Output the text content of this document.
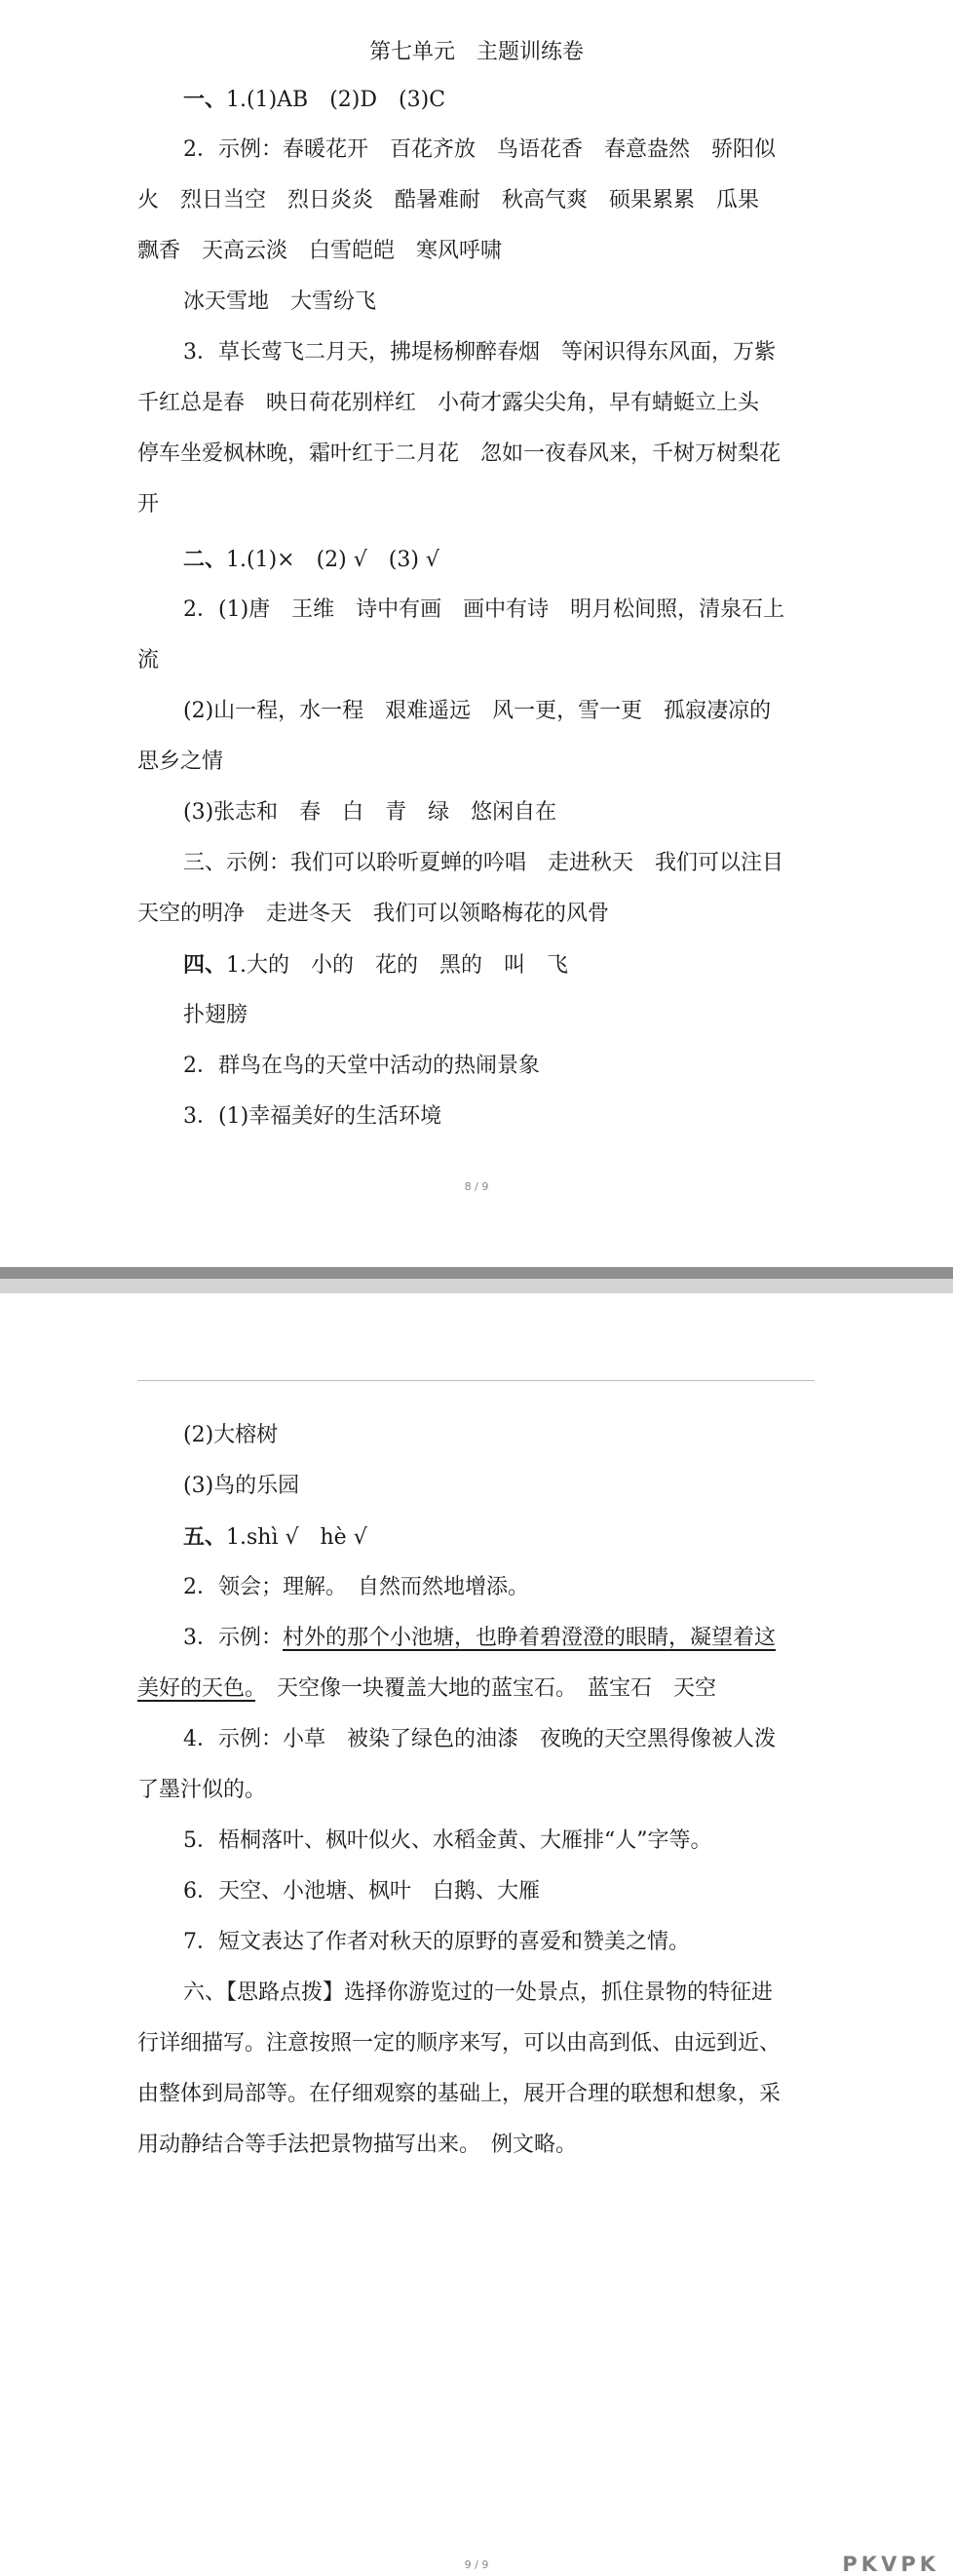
第七单元　主题训练卷

一、1.(1)AB　(2)D　(3)C

2．示例：春暖花开　百花齐放　鸟语花香　春意盎然　骄阳似

火　烈日当空　烈日炎炎　酷暑难耐　秋高气爽　硕果累累　瓜果

飘香　天高云淡　白雪皑皑　寒风呼啸

冰天雪地　大雪纷飞

3．草长莺飞二月天，拂堤杨柳醉春烟　等闲识得东风面，万紫

千红总是春　映日荷花别样红　小荷才露尖尖角，早有蜻蜓立上头

停车坐爱枫林晚，霜叶红于二月花　忽如一夜春风来，千树万树梨花

开

二、1.(1)×　(2) √　(3) √

2．(1)唐　王维　诗中有画　画中有诗　明月松间照，清泉石上

流

(2)山一程，水一程　艰难遥远　风一更，雪一更　孤寂凄凉的

思乡之情

(3)张志和　春　白　青　绿　悠闲自在

三、示例：我们可以聆听夏蝉的吟唱　走进秋天　我们可以注目

天空的明净　走进冬天　我们可以领略梅花的风骨

四、1.大的　小的　花的　黑的　叫　飞

扑翅膀

2．群鸟在鸟的天堂中活动的热闹景象

3．(1)幸福美好的生活环境

8 / 9

(2)大榕树

(3)鸟的乐园

五、1.shì √　hè √

2．领会；理解。　自然而然地增添。

3．示例：村外的那个小池塘，也睁着碧澄澄的眼睛，凝望着这

美好的天色。　天空像一块覆盖大地的蓝宝石。　蓝宝石　天空

4．示例：小草　被染了绿色的油漆　夜晚的天空黑得像被人泼

了墨汁似的。

5．梧桐落叶、枫叶似火、水稻金黄、大雁排“人”字等。

6．天空、小池塘、枫叶　白鹅、大雁

7．短文表达了作者对秋天的原野的喜爱和赞美之情。

六、【思路点拨】选择你游览过的一处景点，抓住景物的特征进

行详细描写。注意按照一定的顺序来写，可以由高到低、由远到近、

由整体到局部等。在仔细观察的基础上，展开合理的联想和想象，采

用动静结合等手法把景物描写出来。　例文略。

9 / 9	PKVPK
